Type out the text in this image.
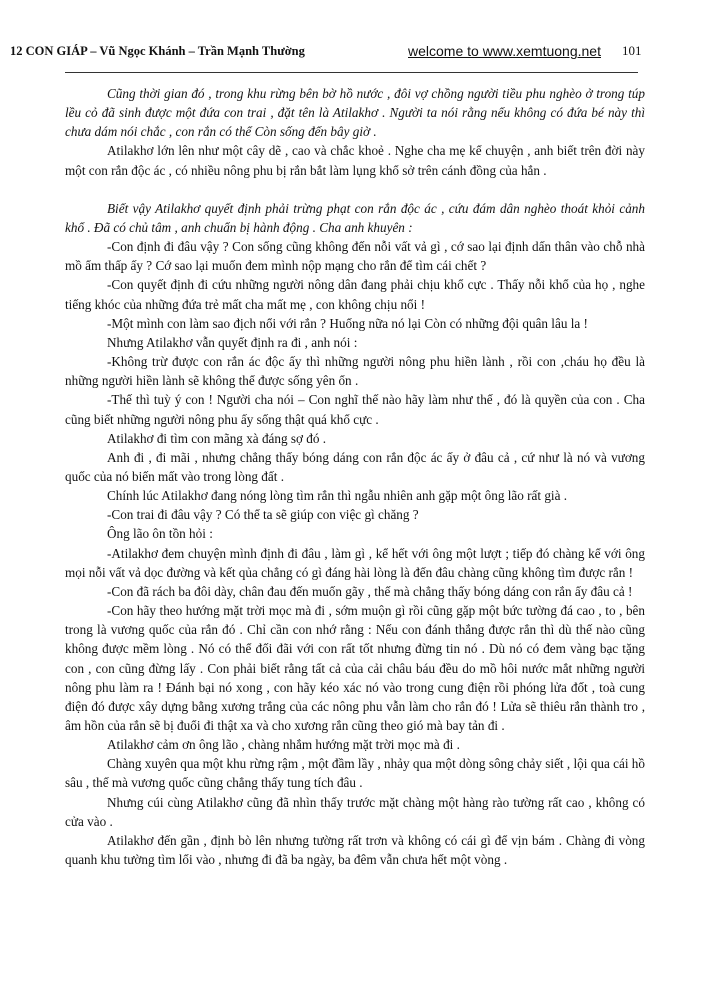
12 CON GIÁP – Vũ Ngọc Khánh – Trần Mạnh Thường	welcome to www.xemtuong.net 101

Cũng thời gian đó , trong khu rừng bên bờ hồ nước , đôi vợ chồng người tiều phu nghèo ở trong túp lều cỏ đã sinh được một đứa con trai , đặt tên là Atilakhơ . Người ta nói rằng nếu không có đứa bé này thì chưa dám nói chắc , con rắn có thể Còn sống đến bây giờ .

Atilakhơ lớn lên như một cây dẽ , cao và chắc khoẻ . Nghe cha mẹ kể chuyện , anh biết trên đời này một con rắn độc ác , có nhiều nông phu bị rắn bắt làm lụng khổ sở trên cánh đồng của hắn .

Biết vậy Atilakhơ quyết định phải trừng phạt con rắn độc ác , cứu đám dân nghèo thoát khỏi cảnh khổ . Đã có chủ tâm , anh chuẩn bị hành động . Cha anh khuyên :

-Con định đi đâu vậy ? Con sống cũng không đến nỗi vất vả gì , cớ sao lại định dấn thân vào chỗ nhà mồ ẩm thấp ấy ? Cớ sao lại muốn đem mình nộp mạng cho rắn để tìm cái chết ?

-Con quyết định đi cứu những người nông dân đang phải chịu khổ cực . Thấy nỗi khổ của họ , nghe tiếng khóc của những đứa trẻ mất cha mất mẹ , con không chịu nổi !

-Một mình con làm sao địch nổi với rắn ? Huống nữa nó lại Còn có những đội quân lâu la !

Nhưng Atilakhơ vẫn quyết định ra đi , anh nói :

-Không trừ được con rắn ác độc ấy thì những người nông phu hiền lành , rồi con ,cháu họ đều là những người hiền lành sẽ không thể được sống yên ổn .

-Thế thì tuỳ ý con ! Người cha nói – Con nghĩ thế nào hãy làm như thế , đó là quyền của con . Cha cũng biết những người nông phu ấy sống thật quá khổ cực .

Atilakhơ đi tìm con mãng xà đáng sợ đó .

Anh đi , đi mãi , nhưng chẳng thấy bóng dáng con rắn độc ác ấy ở đâu cả , cứ như là nó và vương quốc của nó biến mất vào trong lòng đất .

Chính lúc Atilakhơ đang nóng lòng tìm rắn thì ngẫu nhiên anh gặp một ông lão rất già .

-Con trai đi đâu vậy ? Có thể ta sẽ giúp con việc gì chăng ?

Ông lão ôn tồn hỏi :

-Atilakhơ đem chuyện mình định đi đâu , làm gì , kể hết với ông một lượt ; tiếp đó chàng kể với ông mọi nỗi vất vả dọc đường và kết qủa chẳng có gì đáng hài lòng là đến đâu chàng cũng không tìm được rắn !

-Con đã rách ba đôi dày, chân đau đến muốn gãy , thế mà chẳng thấy bóng dáng con rắn ấy đâu cả !

-Con hãy theo hướng mặt trời mọc mà đi , sớm muộn gì rồi cũng gặp một bức tường đá cao , to , bên trong là vương quốc của rắn đó . Chỉ cần con nhớ rằng : Nếu con đánh thắng được rắn thì dù thế nào cũng không được mềm lòng . Nó có thể đối đãi với con rất tốt nhưng đừng tin nó . Dù nó có đem vàng bạc tặng con , con cũng đừng lấy . Con phải biết rằng tất cả của cải châu báu đều do mồ hôi nước mắt những người nông phu làm ra ! Đánh bại nó xong , con hãy kéo xác nó vào trong cung điện rồi phóng lửa đốt , toà cung điện đó được xây dựng bằng xương trắng của các nông phu vẫn làm cho rắn đó ! Lửa sẽ thiêu rắn thành tro , âm hồn của rắn sẽ bị đuổi đi thật xa và cho xương rắn cũng theo gió mà bay tản đi .

Atilakhơ cảm ơn ông lão , chàng nhắm hướng mặt trời mọc mà đi .

Chàng xuyên qua một khu rừng rậm , một đầm lầy , nhảy qua một dòng sông chảy siết , lội qua cái hồ sâu , thế mà vương quốc cũng chẳng thấy tung tích đâu .

Nhưng cúi cùng Atilakhơ cũng đã nhìn thấy trước mặt chàng một hàng rào tường rất cao , không có cửa vào .

Atilakhơ đến gần , định bò lên nhưng tường rất trơn và không có cái gì để vịn bám . Chàng đi vòng quanh khu tường tìm lối vào , nhưng đi đã ba ngày, ba đêm vẫn chưa hết một vòng .
